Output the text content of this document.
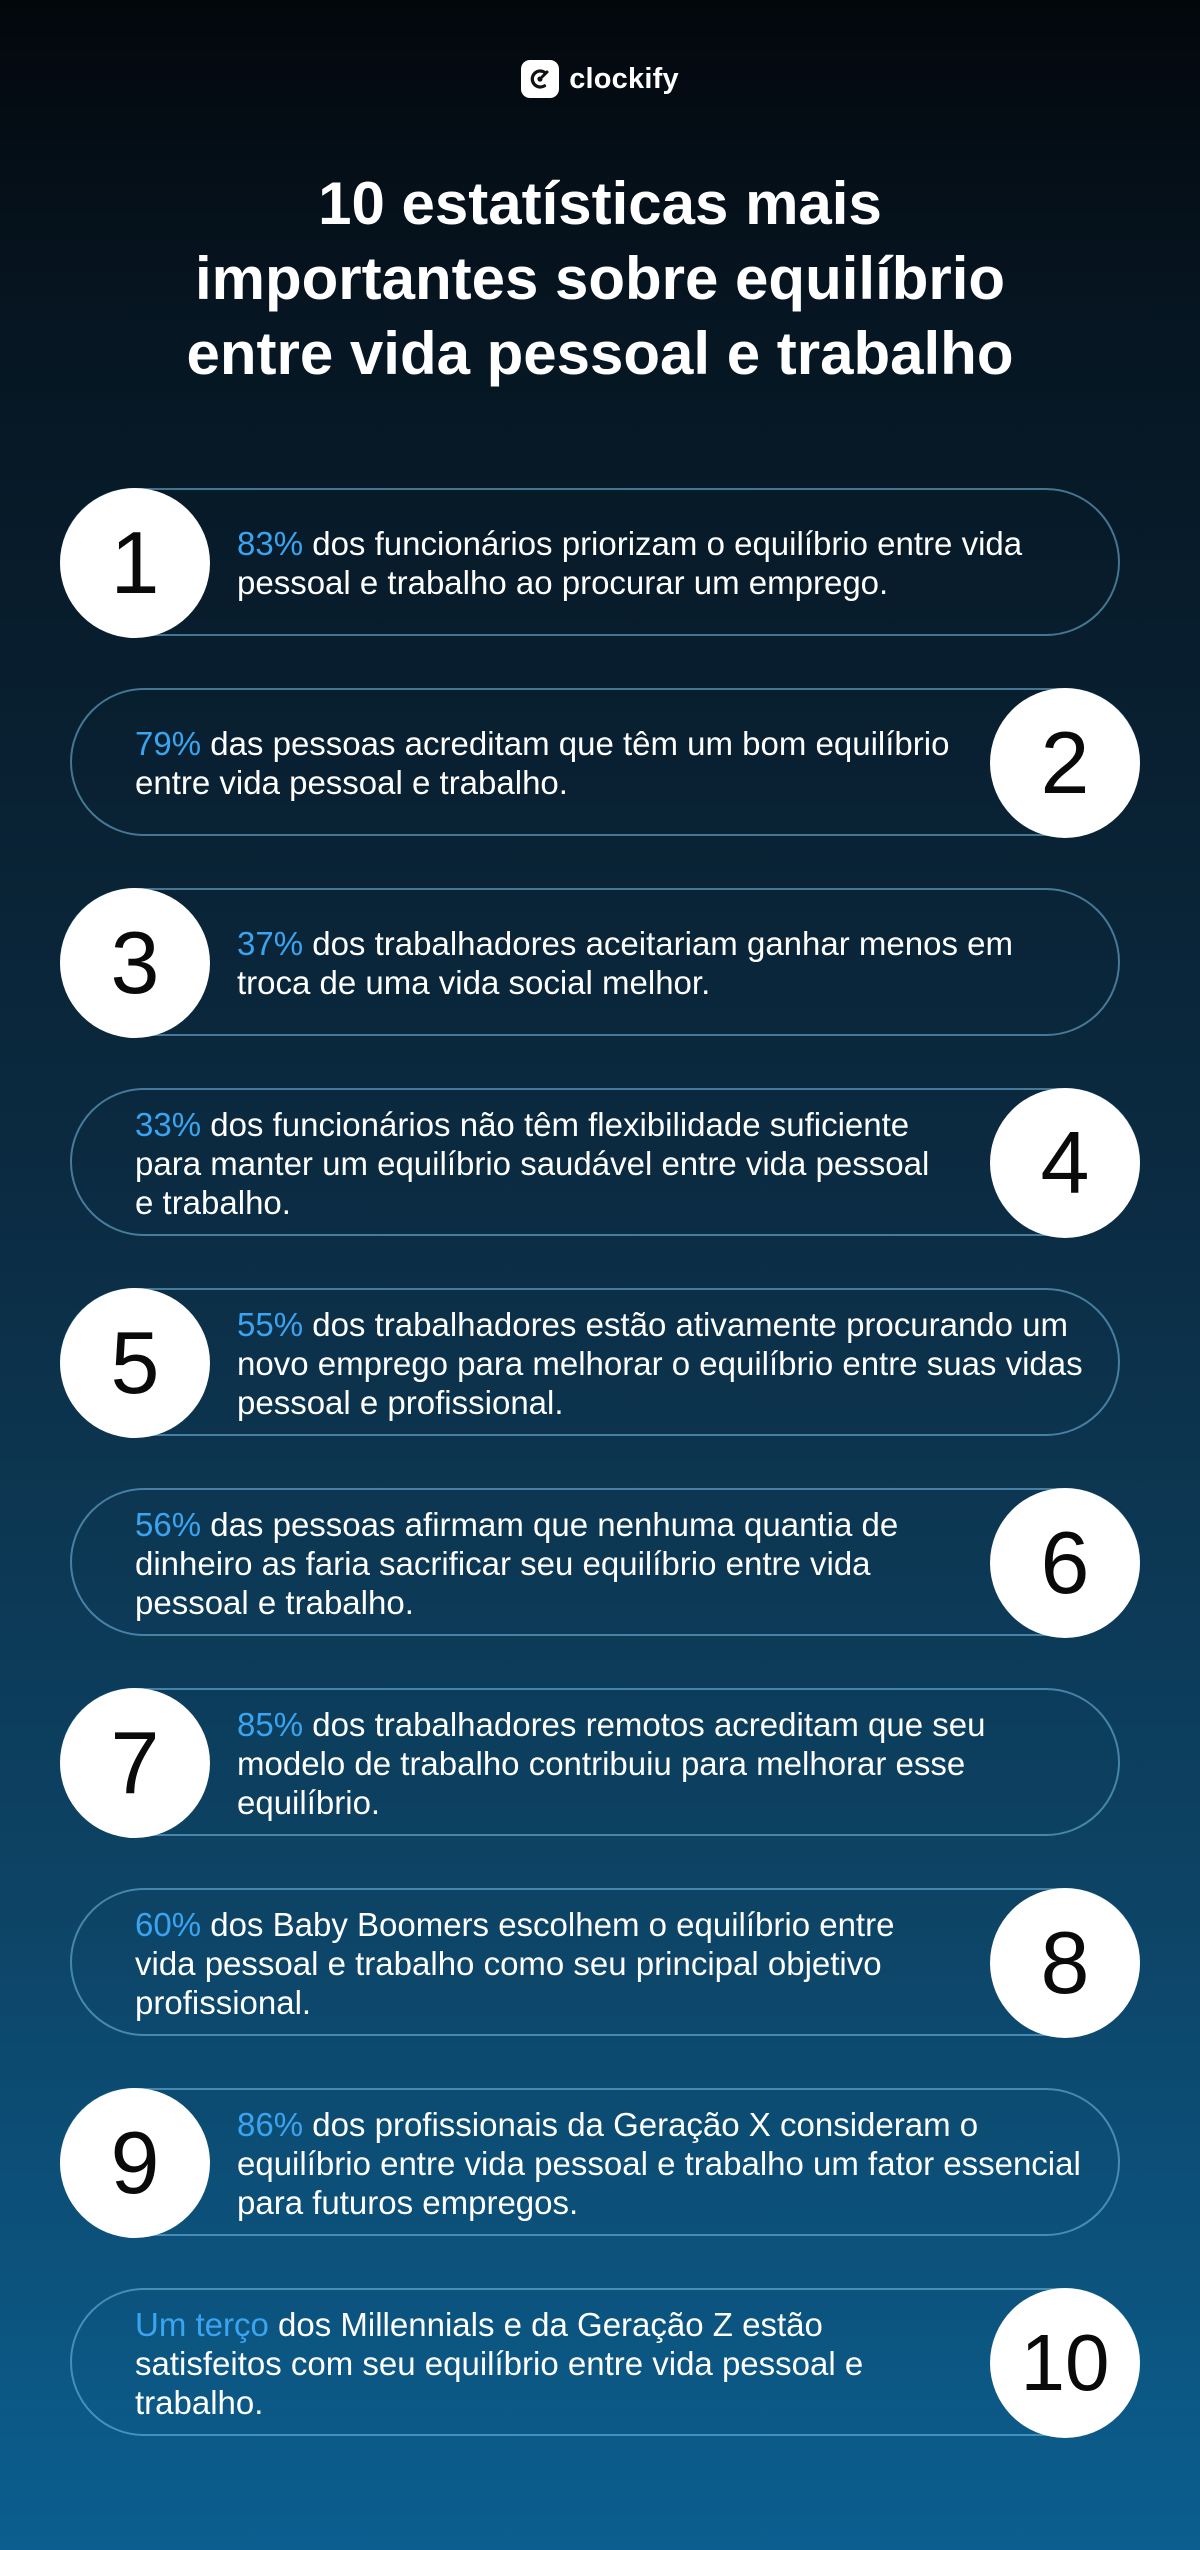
clockify
10 estatísticas mais
importantes sobre equilíbrio
entre vida pessoal e trabalho
1	83% dos funcionários priorizam o equilíbrio entre vida pessoal e trabalho ao procurar um emprego.

2

79% das pessoas acreditam que têm um bom equilíbrio entre vida pessoal e trabalho.

3	37% dos trabalhadores aceitariam ganhar menos em troca de uma vida social melhor.

4

33% dos funcionários não têm flexibilidade suficiente para manter um equilíbrio saudável entre vida pessoal e trabalho.

5	55% dos trabalhadores estão ativamente procurando um novo emprego para melhorar o equilíbrio entre suas vidas pessoal e profissional.

6

56% das pessoas afirmam que nenhuma quantia de dinheiro as faria sacrificar seu equilíbrio entre vida pessoal e trabalho.

7	85% dos trabalhadores remotos acreditam que seu modelo de trabalho contribuiu para melhorar esse equilíbrio.

8

60% dos Baby Boomers escolhem o equilíbrio entre vida pessoal e trabalho como seu principal objetivo profissional.

9	86% dos profissionais da Geração X consideram o equilíbrio entre vida pessoal e trabalho um fator essencial para futuros empregos.

10

Um terço dos Millennials e da Geração Z estão satisfeitos com seu equilíbrio entre vida pessoal e trabalho.
